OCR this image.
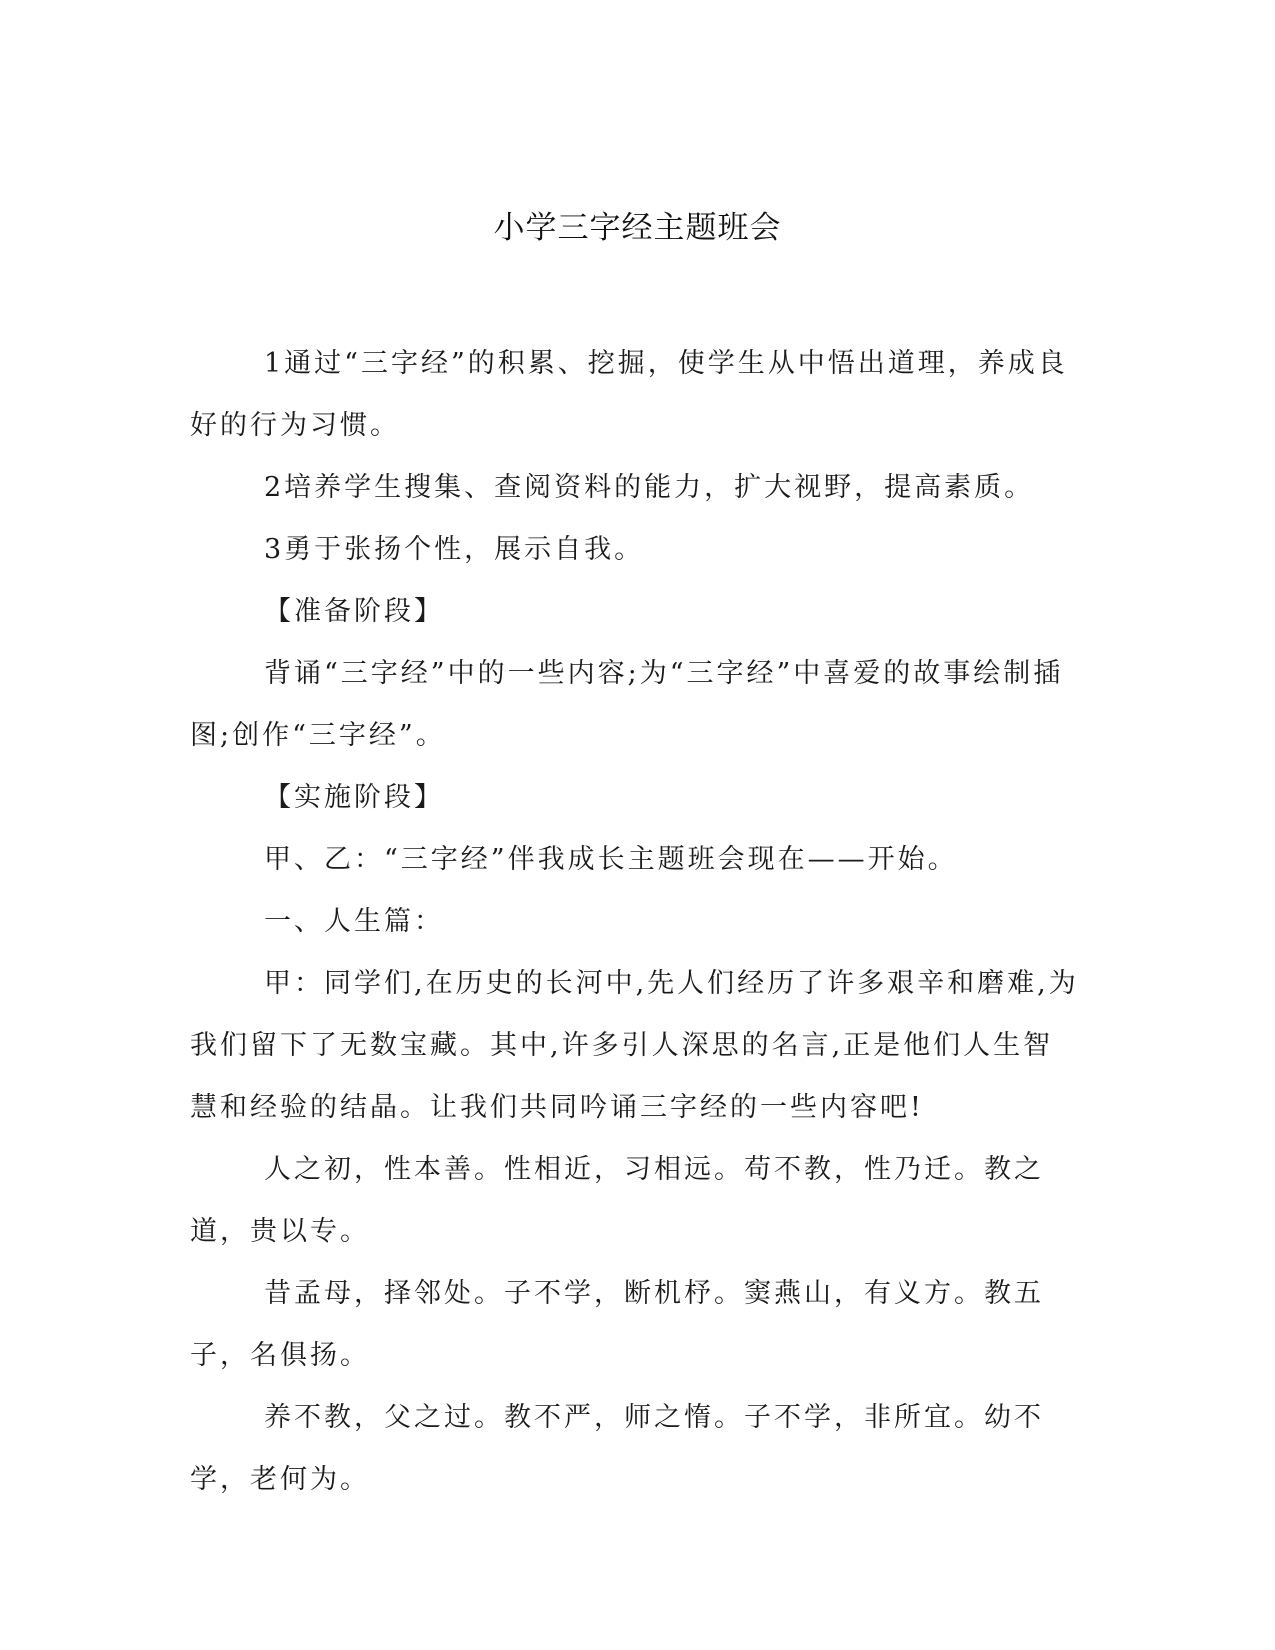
小学三字经主题班会

1通过“三字经”的积累、挖掘，使学生从中悟出道理，养成良好的行为习惯。

2培养学生搜集、查阅资料的能力，扩大视野，提高素质。

3勇于张扬个性，展示自我。

【准备阶段】

背诵“三字经”中的一些内容;为“三字经”中喜爱的故事绘制插图;创作“三字经”。

【实施阶段】

甲、乙：“三字经”伴我成长主题班会现在——开始。

一、人生篇：

甲：同学们,在历史的长河中,先人们经历了许多艰辛和磨难,为我们留下了无数宝藏。其中,许多引人深思的名言,正是他们人生智慧和经验的结晶。让我们共同吟诵三字经的一些内容吧!

人之初，性本善。性相近，习相远。苟不教，性乃迁。教之道，贵以专。

昔孟母，择邻处。子不学，断机杼。窦燕山，有义方。教五子，名俱扬。

养不教，父之过。教不严，师之惰。子不学，非所宜。幼不学，老何为。
